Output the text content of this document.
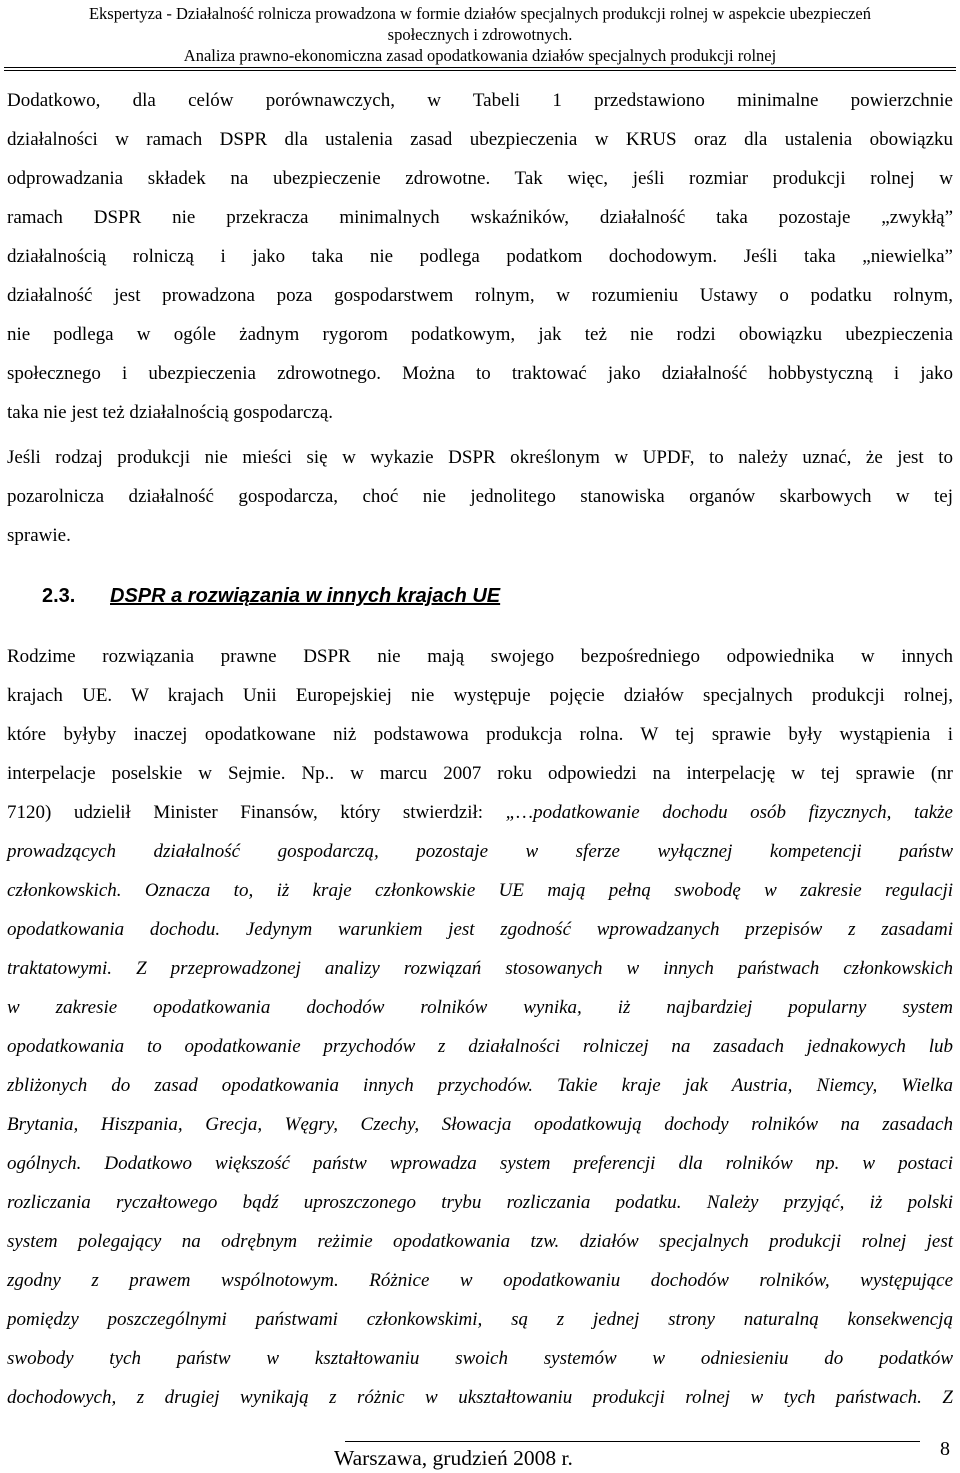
Ekspertyza - Działalność rolnicza prowadzona w formie działów specjalnych produkcji rolnej w aspekcie ubezpieczeń
społecznych i zdrowotnych.
Analiza prawno-ekonomiczna zasad opodatkowania działów specjalnych produkcji rolnej

Dodatkowo, dla celów porównawczych, w Tabeli 1 przedstawiono minimalne powierzchnie
działalności w ramach DSPR dla ustalenia zasad ubezpieczenia w KRUS oraz dla ustalenia obowiązku
odprowadzania składek na ubezpieczenie zdrowotne. Tak więc, jeśli rozmiar produkcji rolnej w
ramach DSPR nie przekracza minimalnych wskaźników, działalność taka pozostaje „zwykłą”
działalnością rolniczą i jako taka nie podlega podatkom dochodowym. Jeśli taka „niewielka”
działalność jest prowadzona poza gospodarstwem rolnym, w rozumieniu Ustawy o podatku rolnym,
nie podlega w ogóle żadnym rygorom podatkowym, jak też nie rodzi obowiązku ubezpieczenia
społecznego i ubezpieczenia zdrowotnego. Można to traktować jako działalność hobbystyczną i jako
taka nie jest też działalnością gospodarczą.

Jeśli rodzaj produkcji nie mieści się w wykazie DSPR określonym w UPDF, to należy uznać, że jest to
pozarolnicza działalność gospodarcza, choć nie jednolitego stanowiska organów skarbowych w tej
sprawie.

2.3. DSPR a rozwiązania w innych krajach UE

Rodzime rozwiązania prawne DSPR nie mają swojego bezpośredniego odpowiednika w innych
krajach UE. W krajach Unii Europejskiej nie występuje pojęcie działów specjalnych produkcji rolnej,
które byłyby inaczej opodatkowane niż podstawowa produkcja rolna. W tej sprawie były wystąpienia i
interpelacje poselskie w Sejmie. Np.. w marcu 2007 roku odpowiedzi na interpelację w tej sprawie (nr
7120) udzielił Minister Finansów, który stwierdził: „…podatkowanie dochodu osób fizycznych, także
prowadzących działalność gospodarczą, pozostaje w sferze wyłącznej kompetencji państw
członkowskich. Oznacza to, iż kraje członkowskie UE mają pełną swobodę w zakresie regulacji
opodatkowania dochodu. Jedynym warunkiem jest zgodność wprowadzanych przepisów z zasadami
traktatowymi. Z przeprowadzonej analizy rozwiązań stosowanych w innych państwach członkowskich
w zakresie opodatkowania dochodów rolników wynika, iż najbardziej popularny system
opodatkowania to opodatkowanie przychodów z działalności rolniczej na zasadach jednakowych lub
zbliżonych do zasad opodatkowania innych przychodów. Takie kraje jak Austria, Niemcy, Wielka
Brytania, Hiszpania, Grecja, Węgry, Czechy, Słowacja opodatkowują dochody rolników na zasadach
ogólnych. Dodatkowo większość państw wprowadza system preferencji dla rolników np. w postaci
rozliczania ryczałtowego bądź uproszczonego trybu rozliczania podatku. Należy przyjąć, iż polski
system polegający na odrębnym reżimie opodatkowania tzw. działów specjalnych produkcji rolnej jest
zgodny z prawem wspólnotowym. Różnice w opodatkowaniu dochodów rolników, występujące
pomiędzy poszczególnymi państwami członkowskimi, są z jednej strony naturalną konsekwencją
swobody tych państw w kształtowaniu swoich systemów w odniesieniu do podatków
dochodowych, z drugiej wynikają z różnic w ukształtowaniu produkcji rolnej w tych państwach. Z

Warszawa, grudzień 2008 r.	8
